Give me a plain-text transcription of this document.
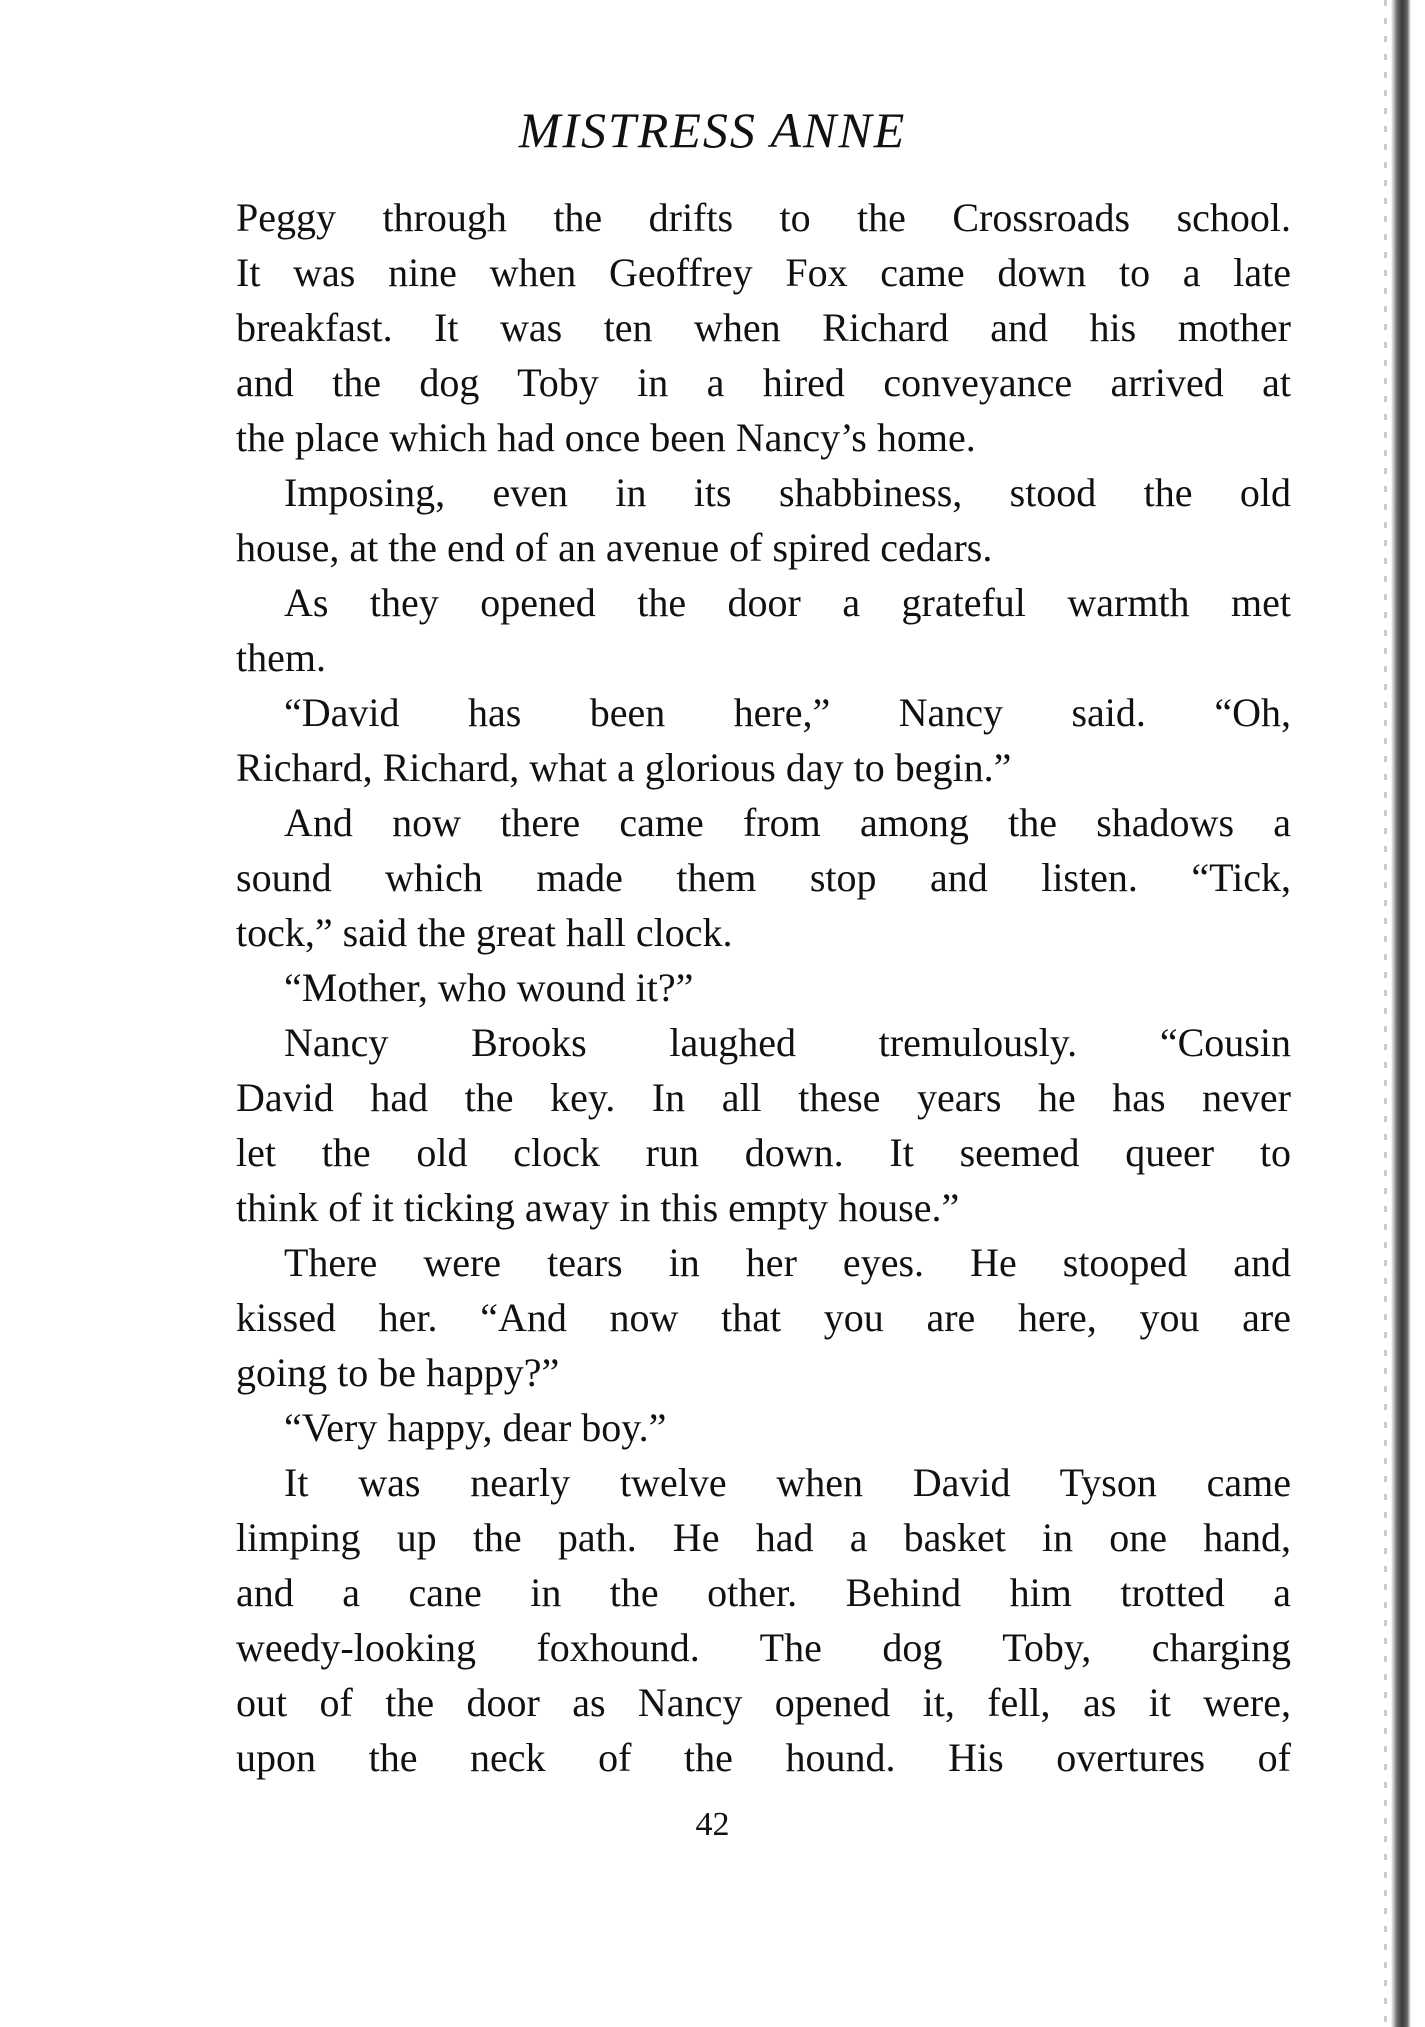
MISTRESS ANNE
Peggy through the drifts to the Crossroads school.
It was nine when Geoffrey Fox came down to a late
breakfast. It was ten when Richard and his mother
and the dog Toby in a hired conveyance arrived at
the place which had once been Nancy’s home.
Imposing, even in its shabbiness, stood the old
house, at the end of an avenue of spired cedars.
As they opened the door a grateful warmth met
them.
“David has been here,” Nancy said. “Oh,
Richard, Richard, what a glorious day to begin.”
And now there came from among the shadows a
sound which made them stop and listen. “Tick,
tock,” said the great hall clock.
“Mother, who wound it?”
Nancy Brooks laughed tremulously. “Cousin
David had the key. In all these years he has never
let the old clock run down. It seemed queer to
think of it ticking away in this empty house.”
There were tears in her eyes. He stooped and
kissed her. “And now that you are here, you are
going to be happy?”
“Very happy, dear boy.”
It was nearly twelve when David Tyson came
limping up the path. He had a basket in one hand,
and a cane in the other. Behind him trotted a
weedy-looking foxhound. The dog Toby, charging
out of the door as Nancy opened it, fell, as it were,
upon the neck of the hound. His overtures of
42
